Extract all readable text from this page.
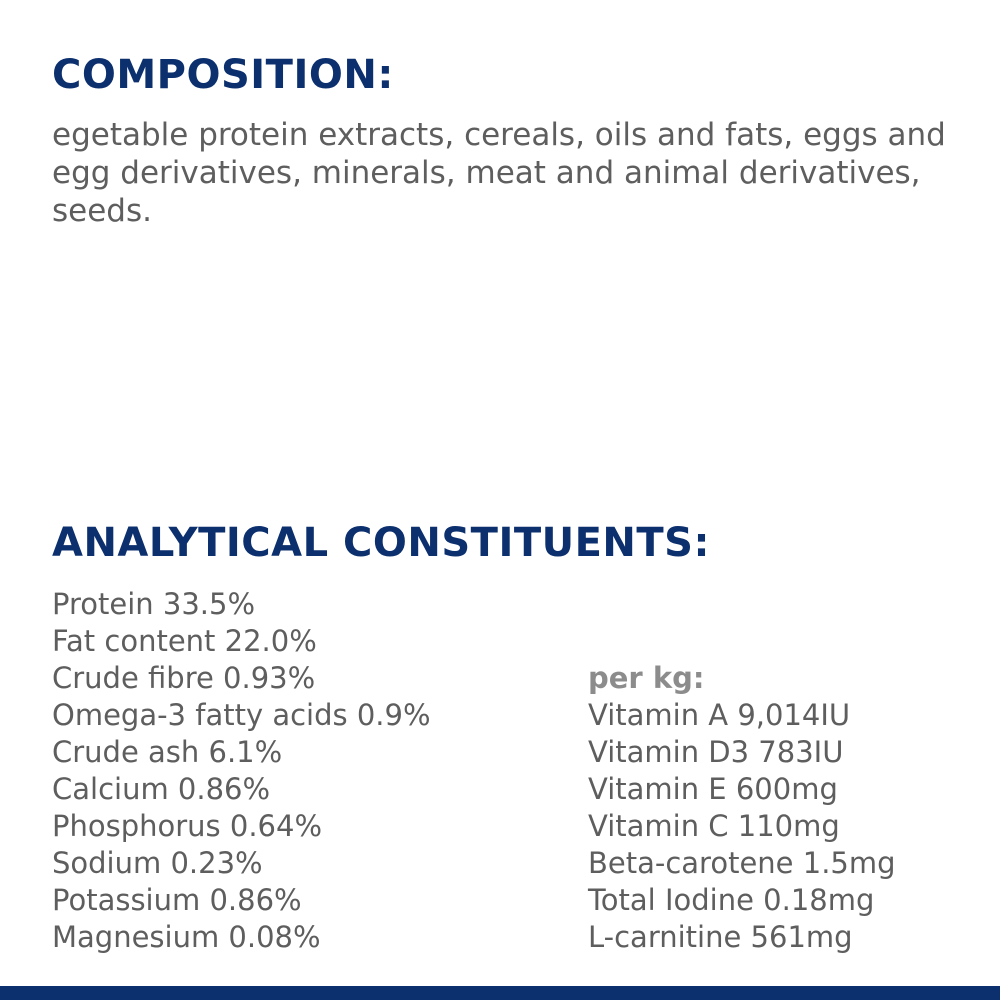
COMPOSITION:

egetable protein extracts, cereals, oils and fats, eggs and egg derivatives, minerals, meat and animal derivatives, seeds.

ANALYTICAL CONSTITUENTS:
Protein 33.5%
Fat content 22.0%
Crude fibre 0.93%
Omega-3 fatty acids 0.9%
Crude ash 6.1%
Calcium 0.86%
Phosphorus 0.64%
Sodium 0.23%
Potassium 0.86%
Magnesium 0.08%
per kg:
Vitamin A 9,014IU
Vitamin D3 783IU
Vitamin E 600mg
Vitamin C 110mg
Beta-carotene 1.5mg
Total Iodine 0.18mg
L-carnitine 561mg
